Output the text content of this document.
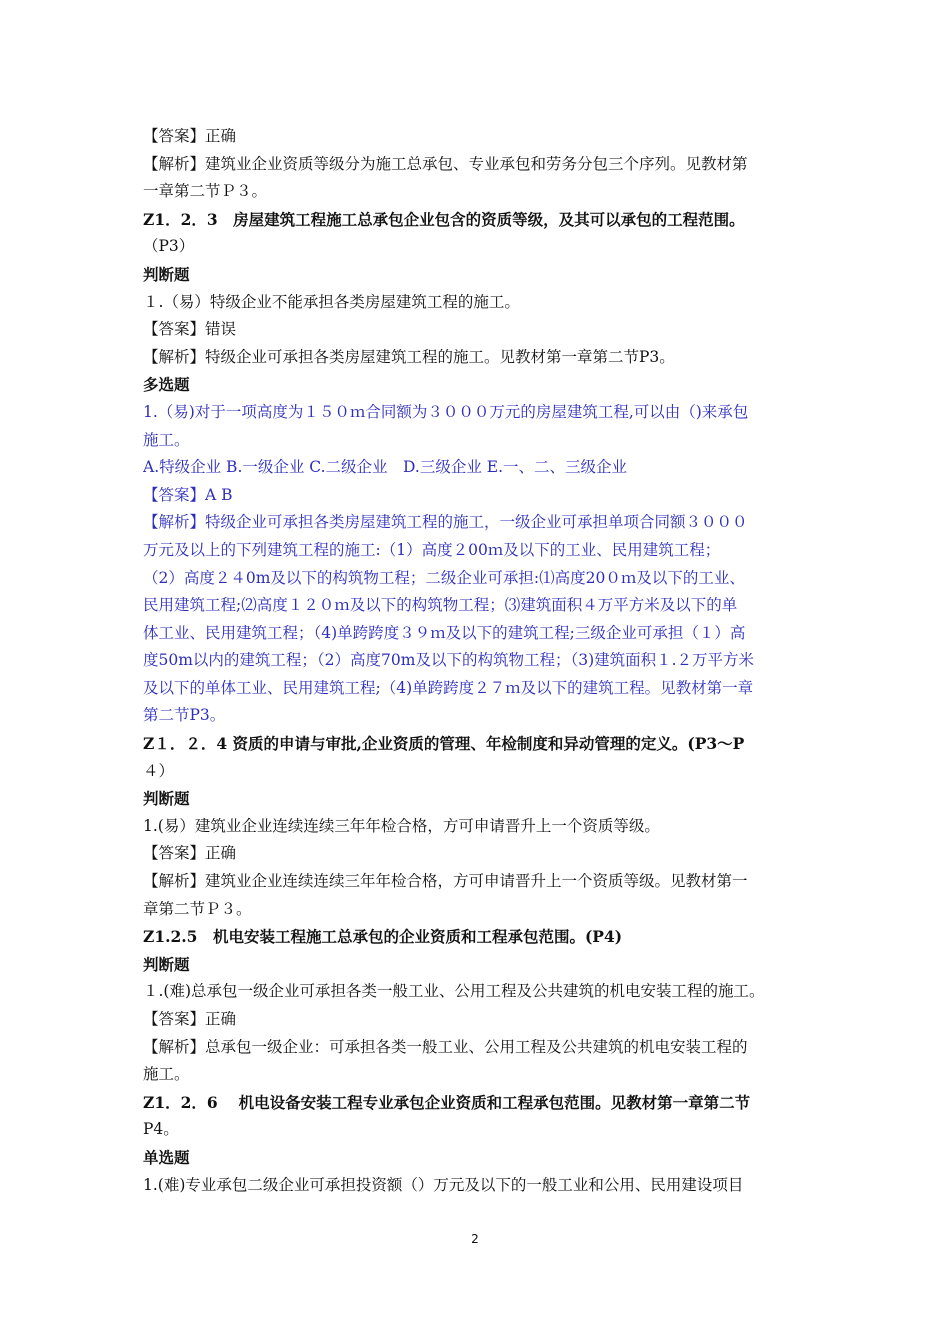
【答案】正确

【解析】建筑业企业资质等级分为施工总承包、专业承包和劳务分包三个序列。见教材第

一章第二节Ｐ３。

Z1．2．3　房屋建筑工程施工总承包企业包含的资质等级，及其可以承包的工程范围。

（P3）

判断题

１.（易）特级企业不能承担各类房屋建筑工程的施工。

【答案】错误

【解析】特级企业可承担各类房屋建筑工程的施工。见教材第一章第二节P3。

多选题

1.（易)对于一项高度为１５０ｍ合同额为３０００万元的房屋建筑工程,可以由（)来承包

施工。

A.特级企业 B.一级企业 C.二级企业　D.三级企业 E.一、二、三级企业

【答案】A B

【解析】特级企业可承担各类房屋建筑工程的施工，一级企业可承担单项合同额３０００

万元及以上的下列建筑工程的施工:（1）高度２00ｍ及以下的工业、民用建筑工程；

（2）高度２４0m及以下的构筑物工程；二级企业可承担:⑴高度20０ｍ及以下的工业、

民用建筑工程;⑵高度１２０ｍ及以下的构筑物工程；⑶建筑面积４万平方米及以下的单

体工业、民用建筑工程；（4)单跨跨度３９ｍ及以下的建筑工程;三级企业可承担（１）高

度50m以内的建筑工程；（2）高度70m及以下的构筑物工程；（3)建筑面积１.２万平方米

及以下的单体工业、民用建筑工程;（4)单跨跨度２７ｍ及以下的建筑工程。见教材第一章

第二节P3。

Z１．２．4 资质的申请与审批,企业资质的管理、年检制度和异动管理的定义。(P3～P

４）

判断题

1.(易）建筑业企业连续连续三年年检合格，方可申请晋升上一个资质等级。

【答案】正确

【解析】建筑业企业连续连续三年年检合格，方可申请晋升上一个资质等级。见教材第一

章第二节Ｐ３。

Z1.2.5　机电安装工程施工总承包的企业资质和工程承包范围。(P4)

判断题

１.(难)总承包一级企业可承担各类一般工业、公用工程及公共建筑的机电安装工程的施工。

【答案】正确

【解析】总承包一级企业：可承担各类一般工业、公用工程及公共建筑的机电安装工程的

施工。

Z1．2．6　 机电设备安装工程专业承包企业资质和工程承包范围。见教材第一章第二节

P4。

单选题

1.(难)专业承包二级企业可承担投资额（）万元及以下的一般工业和公用、民用建设项目

2
